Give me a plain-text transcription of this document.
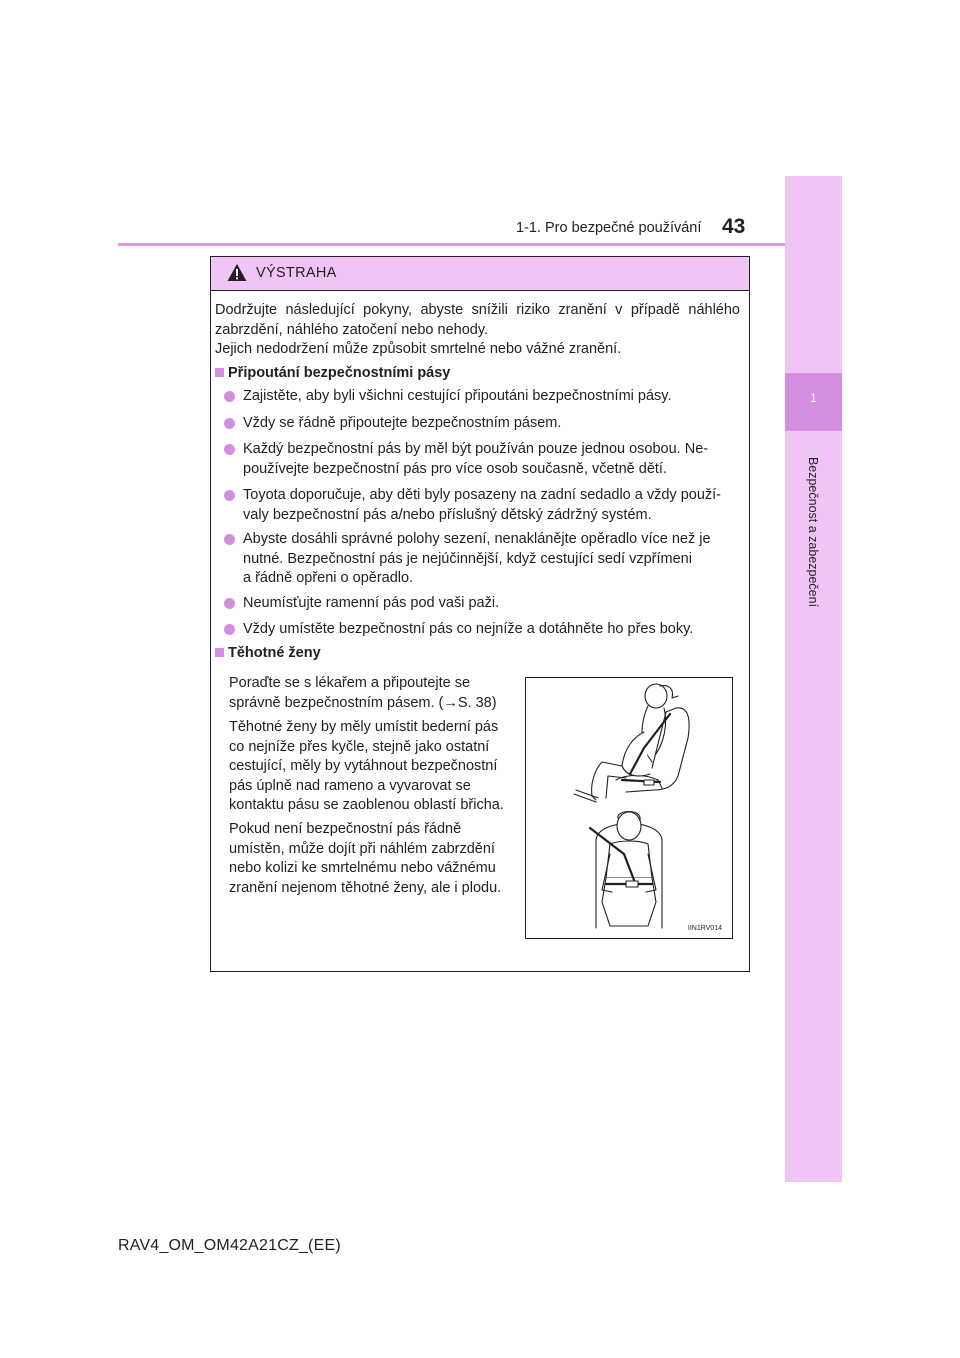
1
Bezpečnost a zabezpečení
1-1. Pro bezpečné používání 43
VÝSTRAHA

Dodržujte následující pokyny, abyste snížili riziko zranění v případě náhlého zabrzdění, náhlého zatočení nebo nehody.

Jejich nedodržení může způsobit smrtelné nebo vážné zranění.

Připoutání bezpečnostními pásy
Zajistěte, aby byli všichni cestující připoutáni bezpečnostními pásy.
Vždy se řádně připoutejte bezpečnostním pásem.
Každý bezpečnostní pás by měl být používán pouze jednou osobou. Ne-
používejte bezpečnostní pás pro více osob současně, včetně dětí.
Toyota doporučuje, aby děti byly posazeny na zadní sedadlo a vždy použí-
valy bezpečnostní pás a/nebo příslušný dětský zádržný systém.
Abyste dosáhli správné polohy sezení, nenaklánějte opěradlo více než je
nutné. Bezpečnostní pás je nejúčinnější, když cestující sedí vzpřímeni
a řádně opřeni o opěradlo.
Neumísťujte ramenní pás pod vaši paži.
Vždy umístěte bezpečnostní pás co nejníže a dotáhněte ho přes boky.
Těhotné ženy
Poraďte se s lékařem a připoutejte se
správně bezpečnostním pásem. (→S. 38)
Těhotné ženy by měly umístit bederní pás
co nejníže přes kyčle, stejně jako ostatní
cestující, měly by vytáhnout bezpečnostní
pás úplně nad rameno a vyvarovat se
kontaktu pásu se zaoblenou oblastí břicha.
Pokud není bezpečnostní pás řádně
umístěn, může dojít při náhlém zabrzdění
nebo kolizi ke smrtelnému nebo vážnému
zranění nejenom těhotné ženy, ale i plodu.
IIN1RV014
RAV4_OM_OM42A21CZ_(EE)
